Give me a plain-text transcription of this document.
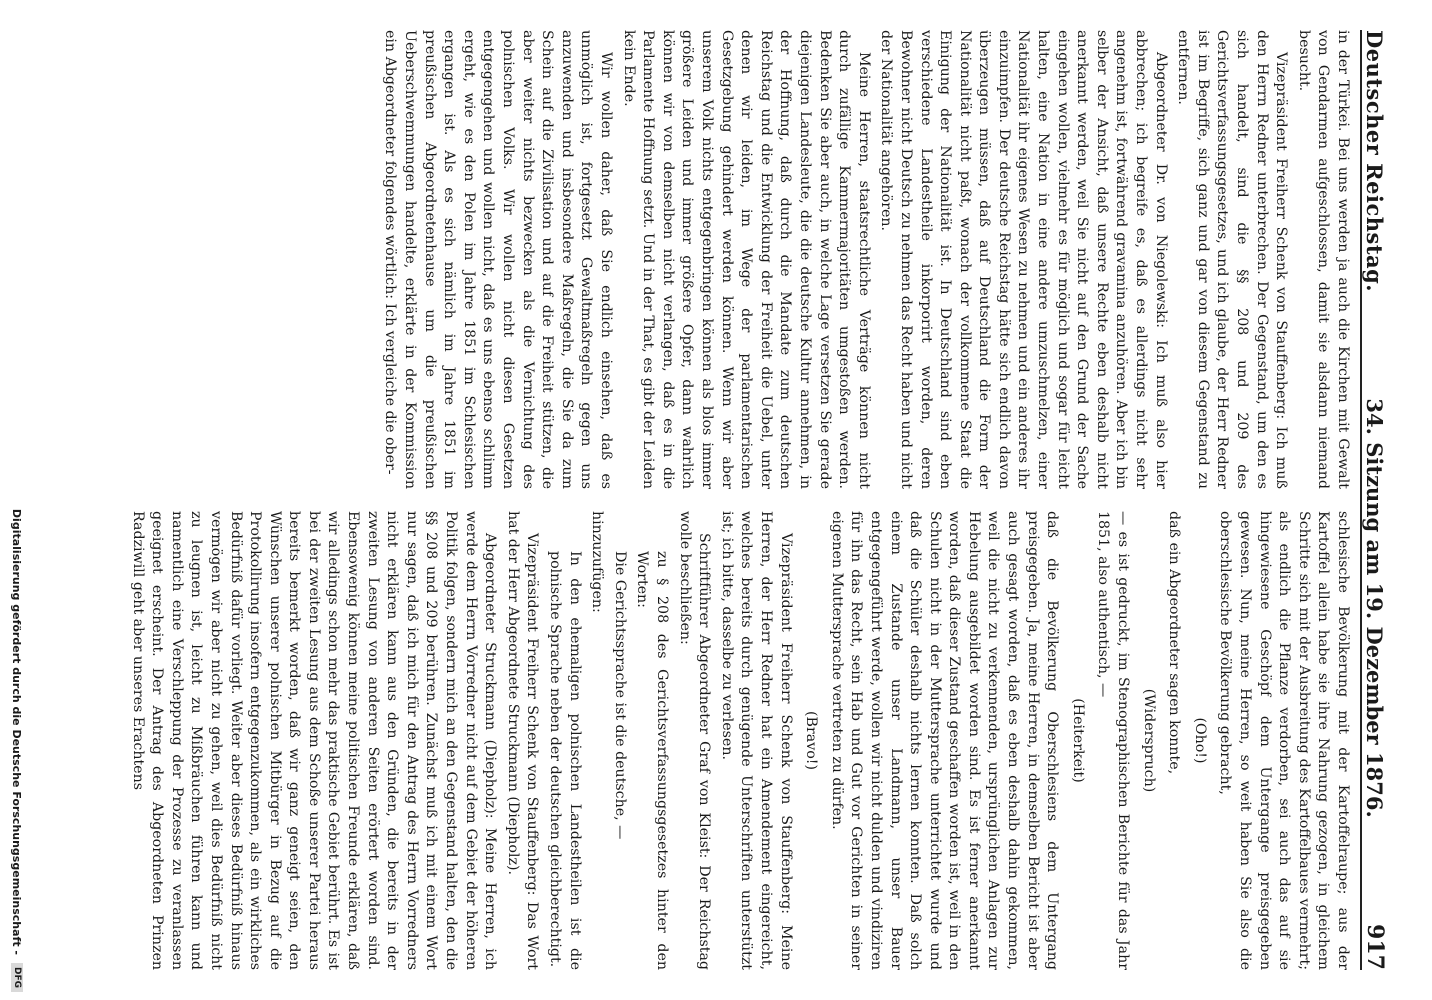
Deutscher Reichstag.
34. Sitzung am 19. Dezember 1876.
917

in der Türkei. Bei uns werden ja auch die Kirchen mit Gewalt von Gendarmen aufgeschlossen, damit sie alsdann niemand besucht.

Vizepräsident Freiherr Schenk von Stauffenberg: Ich muß den Herrn Redner unterbrechen. Der Gegenstand, um den es sich handelt, sind die §§ 208 und 209 des Gerichtsverfassungsgesetzes, und ich glaube, der Herr Redner ist im Begriffe, sich ganz und gar von diesem Gegenstand zu entfernen.

Abgeordneter Dr. von Niegolewski: Ich muß also hier abbrechen; ich begreife es, daß es allerdings nicht sehr angenehm ist, fortwährend gravamina anzuhören. Aber ich bin selber der Ansicht, daß unsere Rechte eben deshalb nicht anerkannt werden, weil Sie nicht auf den Grund der Sache eingehen wollen, vielmehr es für möglich und sogar für leicht halten, eine Nation in eine andere umzuschmelzen, einer Nationalität ihr eigenes Wesen zu nehmen und ein anderes ihr einzuimpfen. Der deutsche Reichstag hätte sich endlich davon überzeugen müssen, daß auf Deutschland die Form der Nationalität nicht paßt, wonach der vollkommene Staat die Einigung der Nationalität ist. In Deutschland sind eben verschiedene Landestheile inkorporirt worden, deren Bewohner nicht Deutsch zu nehmen das Recht haben und nicht der Nationalität angehören.

Meine Herren, staatsrechtliche Verträge können nicht durch zufällige Kammermajoritäten umgestoßen werden. Bedenken Sie aber auch, in welche Lage versetzen Sie gerade diejenigen Landesleute, die die deutsche Kultur annehmen, in der Hoffnung, daß durch die Mandate zum deutschen Reichstag und die Entwicklung der Freiheit die Uebel, unter denen wir leiden, im Wege der parlamentarischen Gesetzgebung gehindert werden können. Wenn wir aber unserem Volk nichts entgegenbringen können als blos immer größere Leiden und immer größere Opfer, dann wahrlich können wir von demselben nicht verlangen, daß es in die Parlamente Hoffnung setzt. Und in der That, es gibt der Leiden kein Ende.

Wir wollen daher, daß Sie endlich einsehen, daß es unmöglich ist, fortgesetzt Gewaltmaßregeln gegen uns anzuwenden und insbesondere Maßregeln, die Sie da zum Schein auf die Zivilisation und auf die Freiheit stützen, die aber weiter nichts bezwecken als die Vernichtung des polnischen Volks. Wir wollen nicht diesen Gesetzen entgegengehen und wollen nicht, daß es uns ebenso schlimm ergeht, wie es den Polen im Jahre 1851 im Schlesischen ergangen ist. Als es sich nämlich im Jahre 1851 im preußischen Abgeordnetenhause um die preußischen Ueberschwemmungen handelte, erklärte in der Kommission ein Abgeordneter folgendes wörtlich: Ich vergleiche die ober-

schlesische Bevölkerung mit der Kartoffelraupe; aus der Kartoffel allein habe sie ihre Nahrung gezogen, in gleichem Schritte sich mit der Ausbreitung des Kartoffelbaues vermehrt; als endlich die Pflanze verdorben, sei auch das auf sie hingewiesene Geschöpf dem Untergange preisgegeben gewesen. Nun, meine Herren, so weit haben Sie also die oberschlesische Bevölkerung gebracht,

(Oho!)

daß ein Abgeordneter sagen konnte,

(Widerspruch)

— es ist gedruckt, im Stenographischen Berichte für das Jahr 1851, also authentisch, —

(Heiterkeit)

daß die Bevölkerung Oberschlesiens dem Untergang preisgegeben. Ja, meine Herren, in demselben Bericht ist aber auch gesagt worden, daß es eben deshalb dahin gekommen, weil die nicht zu verkennenden, ursprünglichen Anlagen zur Hebelung ausgebildet worden sind. Es ist ferner anerkannt worden, daß dieser Zustand geschaffen worden ist, weil in den Schulen nicht in der Muttersprache unterrichtet wurde und daß die Schüler deshalb nichts lernen konnten. Daß solch einem Zustande unser Landmann, unser Bauer entgegengeführt werde, wollen wir nicht dulden und vindiziren für ihn das Recht, sein Hab und Gut vor Gerichten in seiner eigenen Muttersprache vertreten zu dürfen.

(Bravo!)

Vizepräsident Freiherr Schenk von Stauffenberg: Meine Herren, der Herr Redner hat ein Amendement eingereicht, welches bereits durch genügende Unterschriften unterstützt ist; ich bitte, dasselbe zu verlesen.

Schriftführer Abgeordneter Graf von Kleist: Der Reichstag wolle beschließen:

zu § 208 des Gerichtsverfassungsgesetzes hinter den Worten:

Die Gerichtssprache ist die deutsche, —

hinzuzufügen:

In den ehemaligen polnischen Landestheilen ist die polnische Sprache neben der deutschen gleichberechtigt.

Vizepräsident Freiherr Schenk von Stauffenberg: Das Wort hat der Herr Abgeordnete Struckmann (Diepholz).

Abgeordneter Struckmann (Diepholz): Meine Herren, ich werde dem Herrn Vorredner nicht auf dem Gebiet der höheren Politik folgen, sondern mich an den Gegenstand halten, den die §§ 208 und 209 berühren. Zunächst muß ich mit einem Wort nur sagen, daß ich mich für den Antrag des Herrn Vorredners nicht erklären kann aus den Gründen, die bereits in der zweiten Lesung von anderen Seiten erörtert worden sind. Ebensowenig können meine politischen Freunde erklären, daß wir alledings schon mehr das praktische Gebiet berührt. Es ist bei der zweiten Lesung aus dem Schoße unserer Partei heraus bereits bemerkt worden, daß wir ganz geneigt seien, den Wünschen unserer polnischen Mitbürger in Bezug auf die Protokollirung insofern entgegenzukommen, als ein wirkliches Bedürfniß dafür vorliegt. Weiter aber dieses Bedürfniß hinaus vermögen wir aber nicht zu gehen, weil dies Bedürfniß nicht zu leugnen ist, leicht zu Mißbräuchen führen kann und namentlich eine Verschleppung der Prozesse zu veranlassen geeignet erscheint. Der Antrag des Abgeordneten Prinzen Radziwill geht aber unseres Erachtens

Digitalisierung gefördert durch die Deutsche Forschungsgemeinschaft -
DFG
